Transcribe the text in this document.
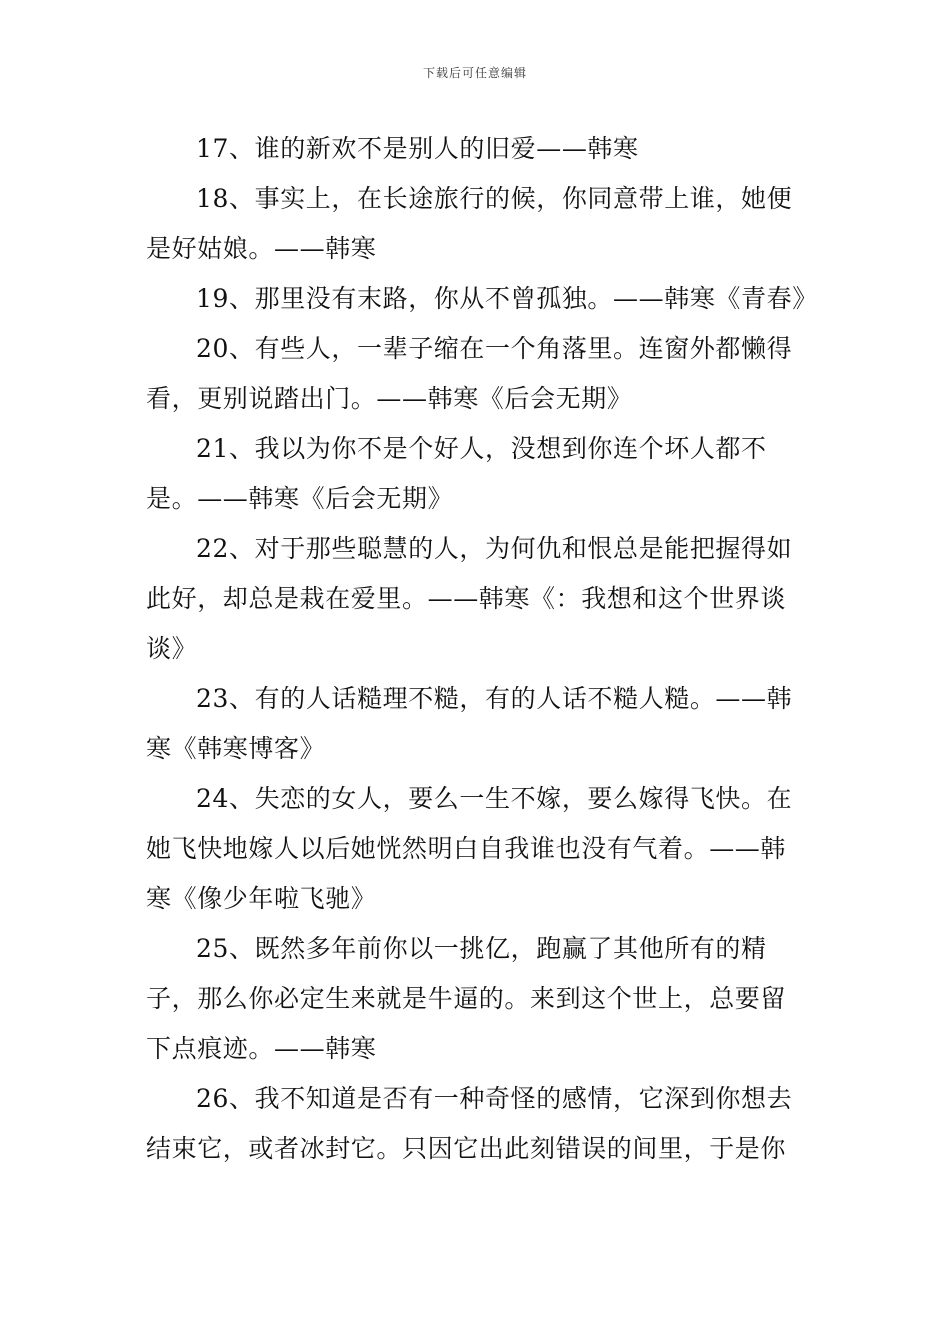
下载后可任意编辑

17、谁的新欢不是别人的旧爱——韩寒

18、事实上，在长途旅行的候，你同意带上谁，她便是好姑娘。——韩寒

19、那里没有末路，你从不曾孤独。——韩寒《青春》

20、有些人，一辈子缩在一个角落里。连窗外都懒得看，更别说踏出门。——韩寒《后会无期》

21、我以为你不是个好人，没想到你连个坏人都不是。——韩寒《后会无期》

22、对于那些聪慧的人，为何仇和恨总是能把握得如此好，却总是栽在爱里。——韩寒《：我想和这个世界谈谈》

23、有的人话糙理不糙，有的人话不糙人糙。——韩寒《韩寒博客》

24、失恋的女人，要么一生不嫁，要么嫁得飞快。在她飞快地嫁人以后她恍然明白自我谁也没有气着。——韩寒《像少年啦飞驰》

25、既然多年前你以一挑亿，跑赢了其他所有的精子，那么你必定生来就是牛逼的。来到这个世上，总要留下点痕迹。——韩寒

26、我不知道是否有一种奇怪的感情，它深到你想去结束它，或者冰封它。只因它出此刻错误的间里，于是你
